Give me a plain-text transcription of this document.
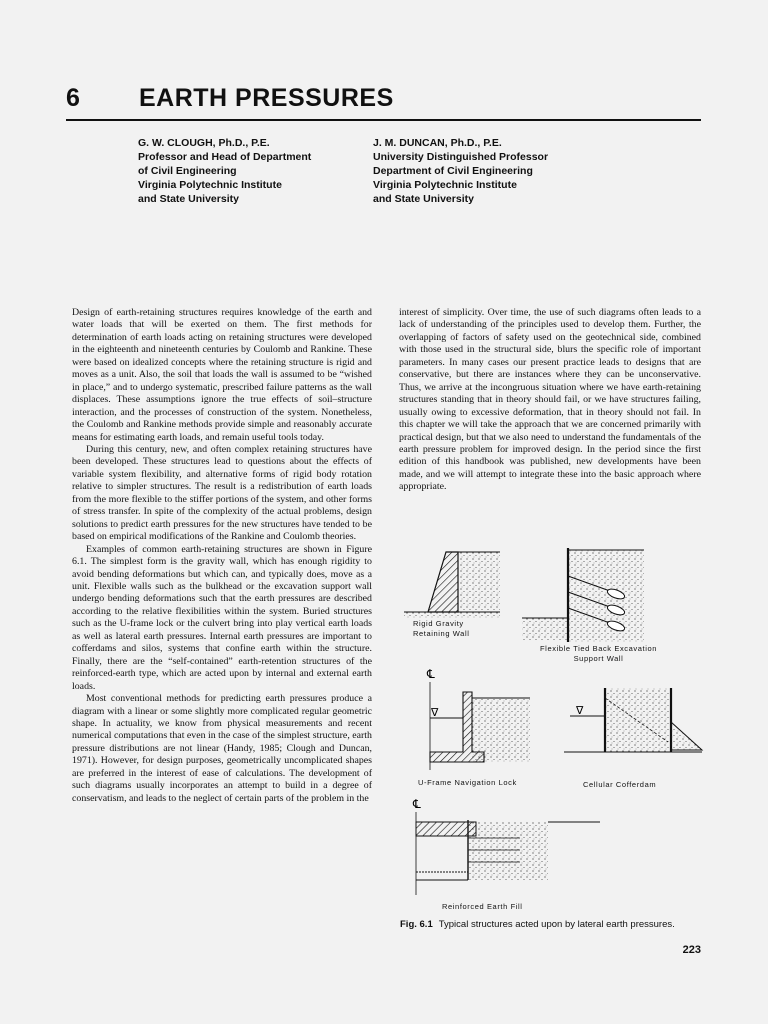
6 EARTH PRESSURES
G. W. CLOUGH, Ph.D., P.E.
Professor and Head of Department
of Civil Engineering
Virginia Polytechnic Institute
and State University
J. M. DUNCAN, Ph.D., P.E.
University Distinguished Professor
Department of Civil Engineering
Virginia Polytechnic Institute
and State University

Design of earth-retaining structures requires knowledge of the earth and water loads that will be exerted on them. The first methods for determination of earth loads acting on retaining structures were developed in the eighteenth and nineteenth centuries by Coulomb and Rankine. These were based on idealized concepts where the retaining structure is rigid and moves as a unit. Also, the soil that loads the wall is assumed to be “wished in place,” and to undergo systematic, prescribed failure patterns as the wall displaces. These assumptions ignore the true effects of soil–structure interaction, and the processes of construction of the system. Nonetheless, the Coulomb and Rankine methods provide simple and reasonably accurate means for estimating earth loads, and remain useful tools today.

During this century, new, and often complex retaining structures have been developed. These structures lead to questions about the effects of variable system flexibility, and alternative forms of rigid body rotation relative to simpler structures. The result is a redistribution of earth loads from the more flexible to the stiffer portions of the system, and other forms of stress transfer. In spite of the complexity of the actual problems, design solutions to predict earth pressures for the new structures have tended to be based on empirical modifications of the Rankine and Coulomb theories.

Examples of common earth-retaining structures are shown in Figure 6.1. The simplest form is the gravity wall, which has enough rigidity to avoid bending deformations but which can, and typically does, move as a unit. Flexible walls such as the bulkhead or the excavation support wall undergo bending deformations such that the earth pressures are described according to the relative flexibilities within the system. Buried structures such as the U-frame lock or the culvert bring into play vertical earth loads as well as lateral earth pressures. Internal earth pressures are important to cofferdams and silos, systems that confine earth within the structure. Finally, there are the “self-contained” earth-retention structures of the reinforced-earth type, which are acted upon by internal and external earth loads.

Most conventional methods for predicting earth pressures produce a diagram with a linear or some slightly more complicated regular geometric shape. In actuality, we know from physical measurements and recent numerical computations that even in the case of the simplest structure, earth pressure distributions are not linear (Handy, 1985; Clough and Duncan, 1971). However, for design purposes, geometrically uncomplicated shapes are preferred in the interest of ease of calculations. The development of such diagrams usually incorporates an attempt to build in a degree of conservatism, and leads to the neglect of certain parts of the problem in the

interest of simplicity. Over time, the use of such diagrams often leads to a lack of understanding of the principles used to develop them. Further, the overlapping of factors of safety used on the geotechnical side, combined with those used in the structural side, blurs the specific role of important parameters. In many cases our present practice leads to designs that are conservative, but there are instances where they can be unconservative. Thus, we arrive at the incongruous situation where we have earth-retaining structures standing that in theory should fail, or we have structures failing, usually owing to excessive deformation, that in theory should not fail. In this chapter we will take the approach that we are concerned primarily with practical design, but that we also need to understand the fundamentals of the earth pressure problem for improved design. In the period since the first edition of this handbook was published, new developments have been made, and we will attempt to integrate these into the basic approach where appropriate.

℄
∇	∇
℄
Rigid Gravity
Retaining Wall
Flexible Tied Back Excavation
Support Wall
U-Frame Navigation Lock	Cellular Cofferdam
Reinforced Earth Fill
Fig. 6.1 Typical structures acted upon by lateral earth pressures.
223
